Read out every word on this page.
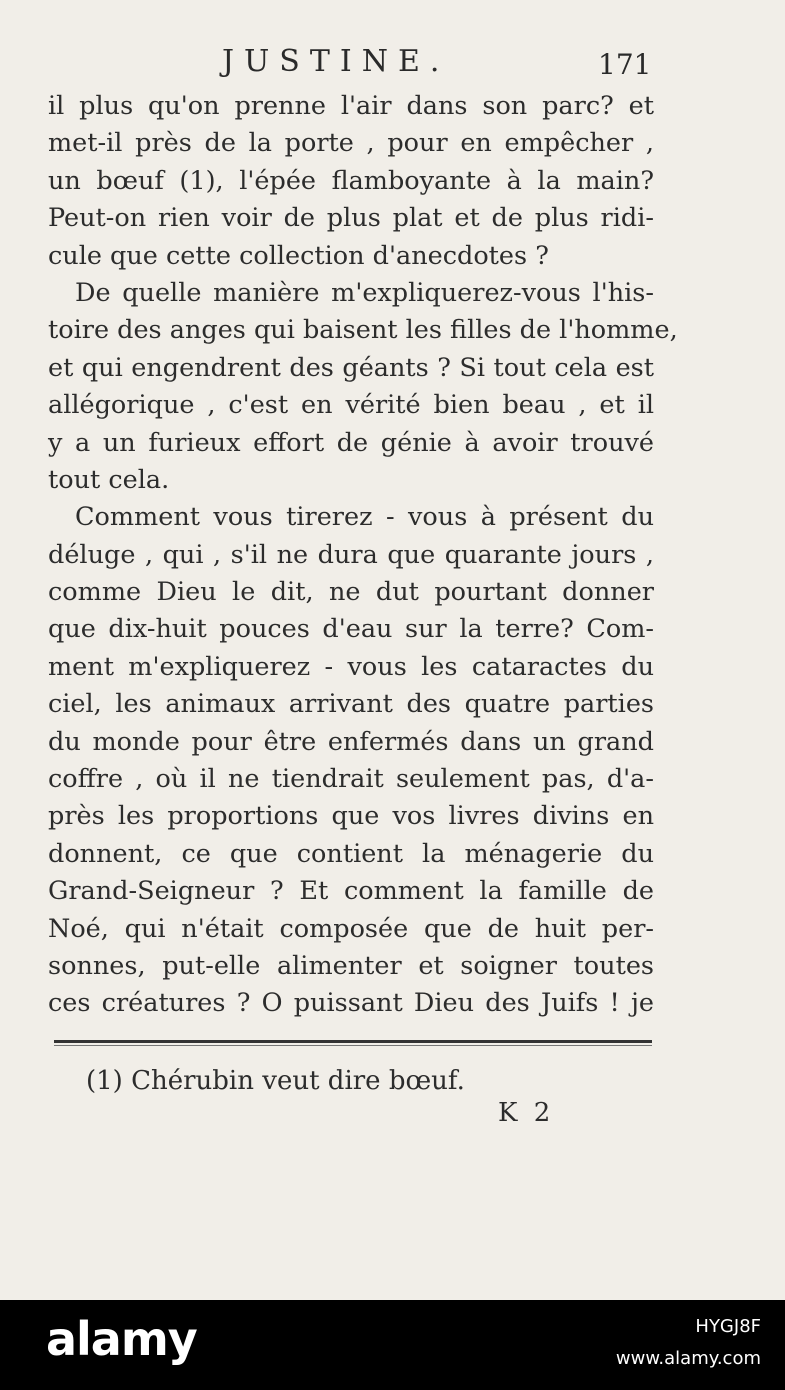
JUSTINE.	171
il plus qu'on prenne l'air dans son parc? et
met-il près de la porte , pour en empêcher ,
un bœuf (1), l'épée flamboyante à la main?
Peut-on rien voir de plus plat et de plus ridi-
cule que cette collection d'anecdotes ?
De quelle manière m'expliquerez-vous l'his-
toire des anges qui baisent les filles de l'homme,
et qui engendrent des géants ? Si tout cela est
allégorique , c'est en vérité bien beau , et il
y a un furieux effort de génie à avoir trouvé
tout cela.
Comment vous tirerez - vous à présent du
déluge , qui , s'il ne dura que quarante jours ,
comme Dieu le dit, ne dut pourtant donner
que dix-huit pouces d'eau sur la terre? Com-
ment m'expliquerez - vous les cataractes du
ciel, les animaux arrivant des quatre parties
du monde pour être enfermés dans un grand
coffre , où il ne tiendrait seulement pas, d'a-
près les proportions que vos livres divins en
donnent, ce que contient la ménagerie du
Grand-Seigneur ? Et comment la famille de
Noé, qui n'était composée que de huit per-
sonnes, put-elle alimenter et soigner toutes
ces créatures ? O puissant Dieu des Juifs ! je
(1) Chérubin veut dire bœuf.
K 2
alamy	HYGJ8F
www.alamy.com
